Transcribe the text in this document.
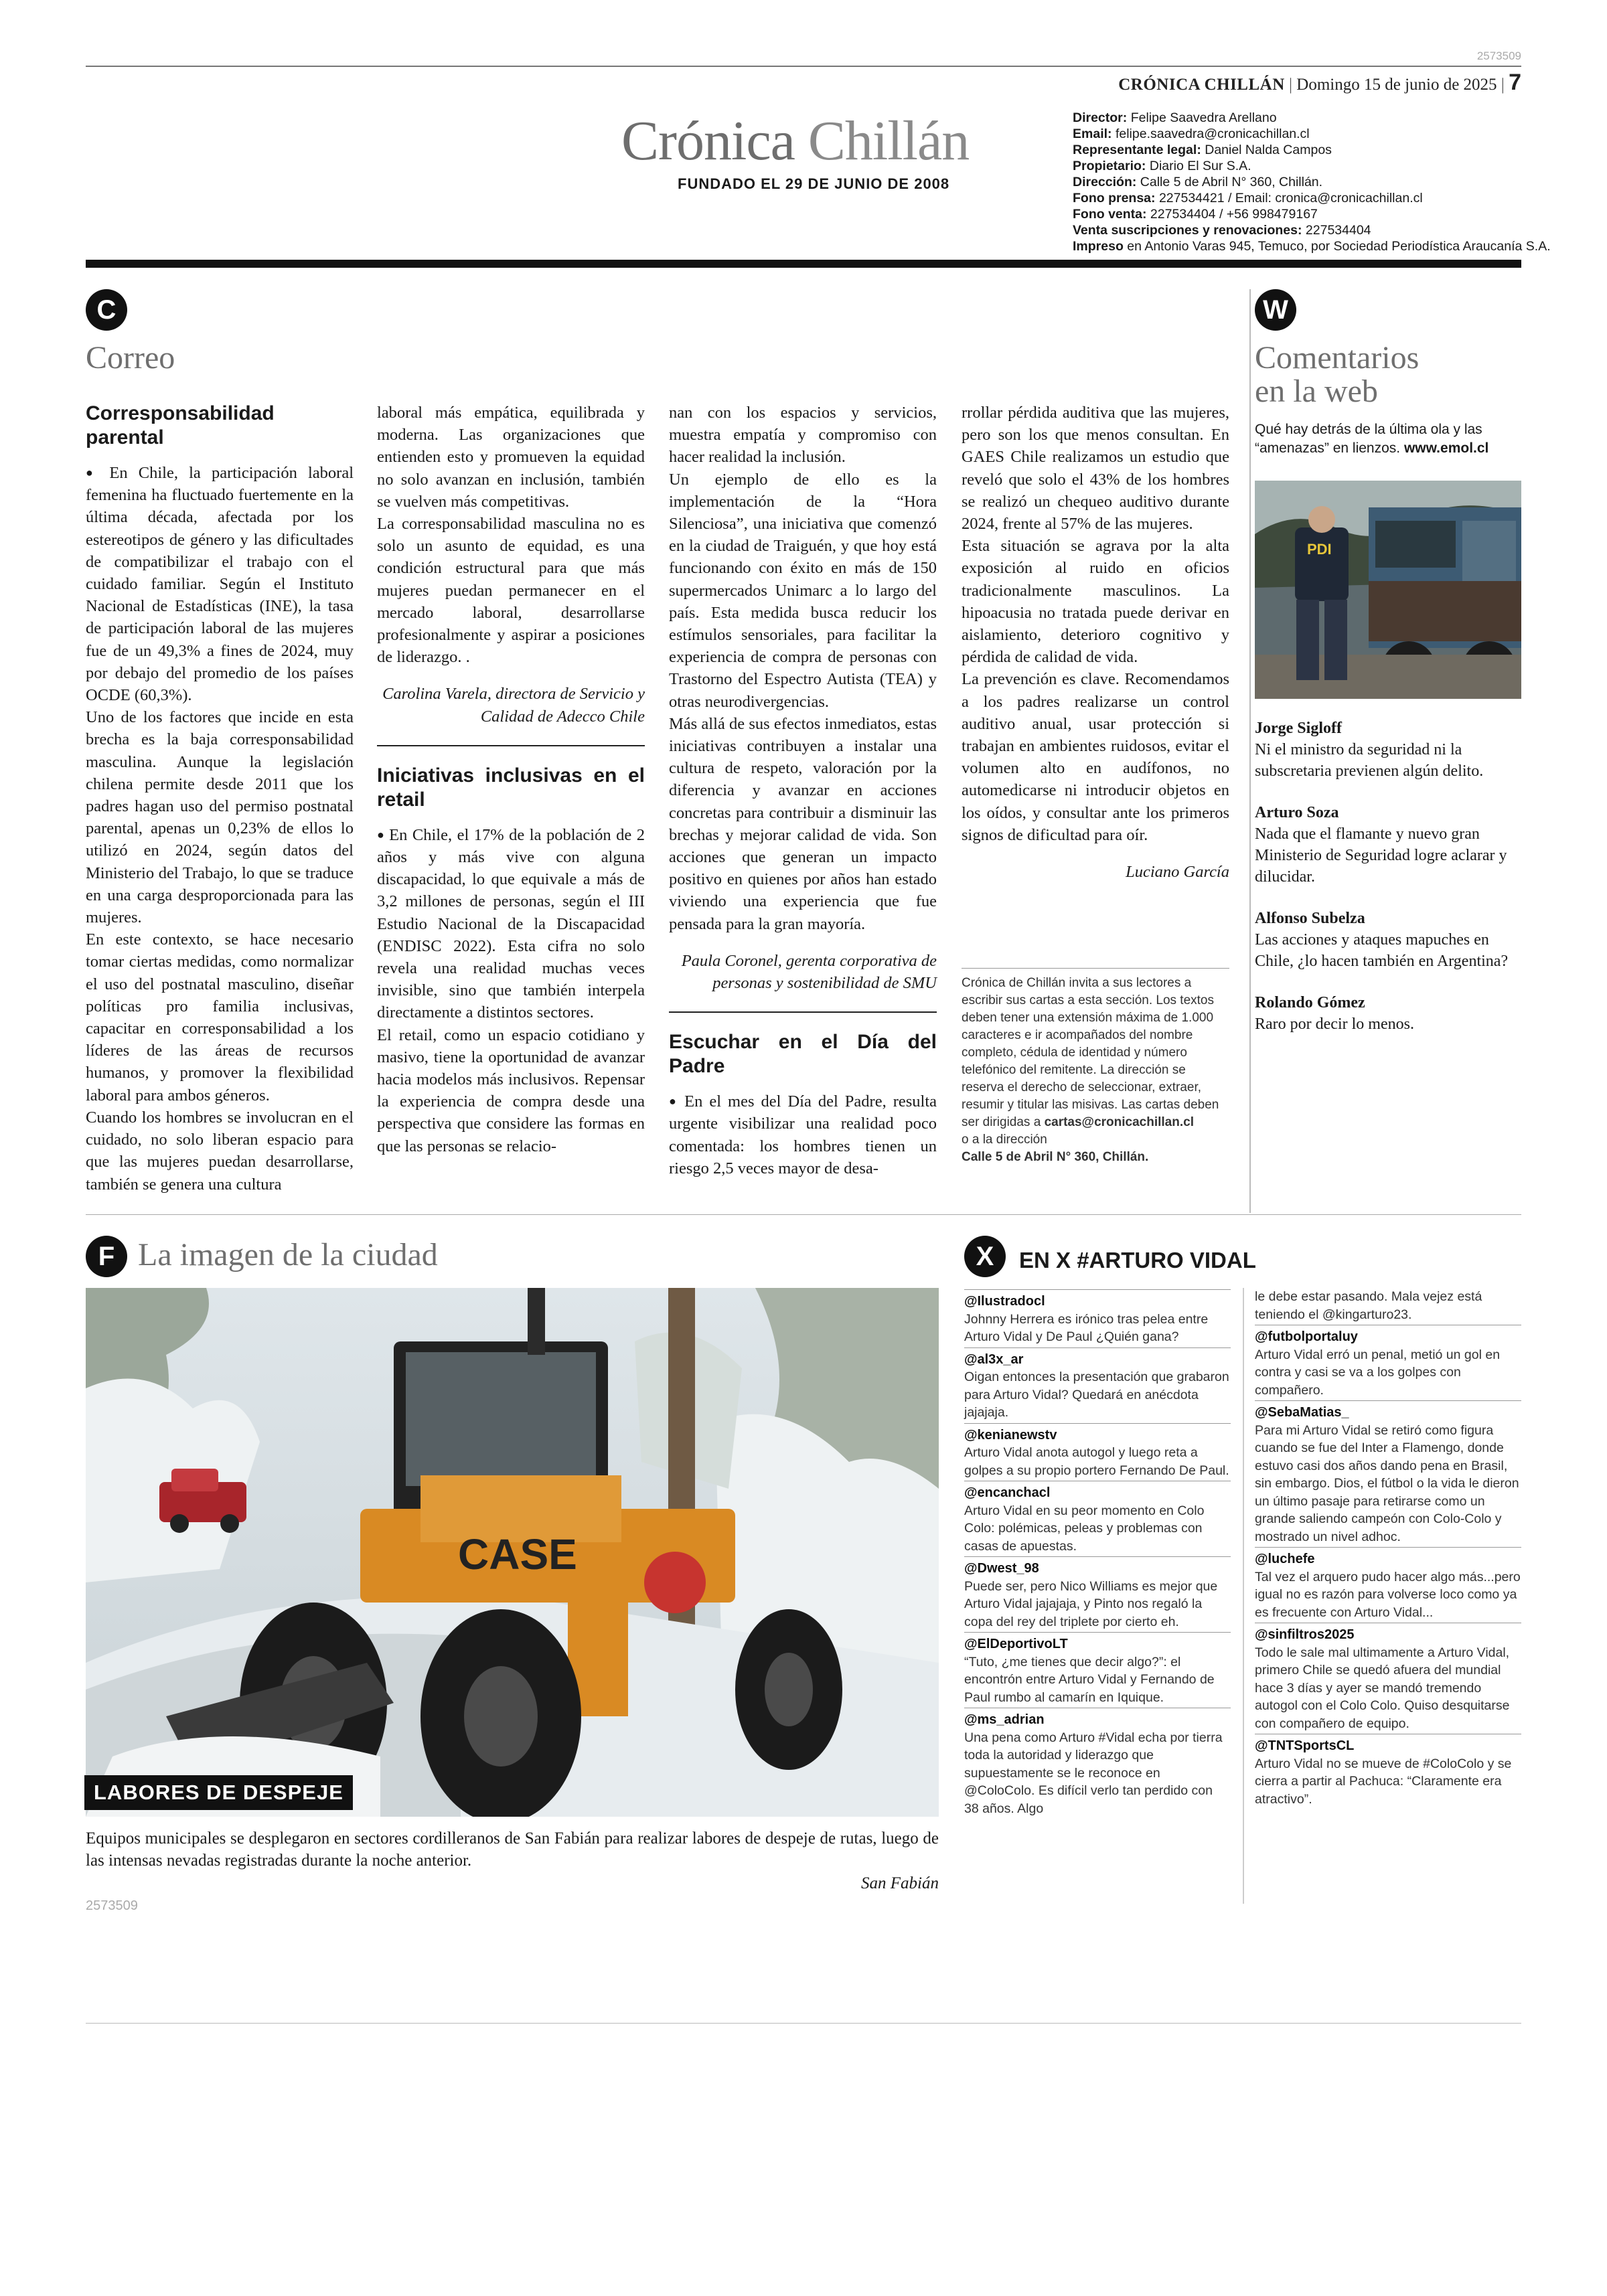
2573509
CRÓNICA CHILLÁN | Domingo 15 de junio de 2025 | 7
Crónica Chillán
FUNDADO EL 29 DE JUNIO DE 2008
Director: Felipe Saavedra Arellano
Email: felipe.saavedra@cronicachillan.cl
Representante legal: Daniel Nalda Campos
Propietario: Diario El Sur S.A.
Dirección: Calle 5 de Abril N° 360, Chillán.
Fono prensa: 227534421 / Email: cronica@cronicachillan.cl
Fono venta: 227534404 / +56 998479167
Venta suscripciones y renovaciones: 227534404
Impreso en Antonio Varas 945, Temuco, por Sociedad Periodística Araucanía S.A.
C
Correo
Corresponsabilidad parental

● En Chile, la participación laboral femenina ha fluctuado fuertemente en la última década, afectada por los estereotipos de género y las dificultades de compatibilizar el trabajo con el cuidado familiar. Según el Instituto Nacional de Estadísticas (INE), la tasa de participación laboral de las mujeres fue de un 49,3% a fines de 2024, muy por debajo del promedio de los países OCDE (60,3%).

Uno de los factores que incide en esta brecha es la baja corresponsabilidad masculina. Aunque la legislación chilena permite desde 2011 que los padres hagan uso del permiso postnatal parental, apenas un 0,23% de ellos lo utilizó en 2024, según datos del Ministerio del Trabajo, lo que se traduce en una carga desproporcionada para las mujeres.

En este contexto, se hace necesario tomar ciertas medidas, como normalizar el uso del postnatal masculino, diseñar políticas pro familia inclusivas, capacitar en corresponsabilidad a los líderes de las áreas de recursos humanos, y promover la flexibilidad laboral para ambos géneros.

Cuando los hombres se involucran en el cuidado, no solo liberan espacio para que las mujeres puedan desarrollarse, también se genera una cultura

laboral más empática, equilibrada y moderna. Las organizaciones que entienden esto y promueven la equidad no solo avanzan en inclusión, también se vuelven más competitivas.

La corresponsabilidad masculina no es solo un asunto de equidad, es una condición estructural para que más mujeres puedan permanecer en el mercado laboral, desarrollarse profesionalmente y aspirar a posiciones de liderazgo. .

Carolina Varela, directora de Servicio y Calidad de Adecco Chile

Iniciativas inclusivas en el retail

● En Chile, el 17% de la población de 2 años y más vive con alguna discapacidad, lo que equivale a más de 3,2 millones de personas, según el III Estudio Nacional de la Discapacidad (ENDISC 2022). Esta cifra no solo revela una realidad muchas veces invisible, sino que también interpela directamente a distintos sectores.

El retail, como un espacio cotidiano y masivo, tiene la oportunidad de avanzar hacia modelos más inclusivos. Repensar la experiencia de compra desde una perspectiva que considere las formas en que las personas se relacio-

nan con los espacios y servicios, muestra empatía y compromiso con hacer realidad la inclusión.

Un ejemplo de ello es la implementación de la “Hora Silenciosa”, una iniciativa que comenzó en la ciudad de Traiguén, y que hoy está funcionando con éxito en más de 150 supermercados Unimarc a lo largo del país. Esta medida busca reducir los estímulos sensoriales, para facilitar la experiencia de compra de personas con Trastorno del Espectro Autista (TEA) y otras neurodivergencias.

Más allá de sus efectos inmediatos, estas iniciativas contribuyen a instalar una cultura de respeto, valoración por la diferencia y avanzar en acciones concretas para contribuir a disminuir las brechas y mejorar calidad de vida. Son acciones que generan un impacto positivo en quienes por años han estado viviendo una experiencia que fue pensada para la gran mayoría.

Paula Coronel, gerenta corporativa de personas y sostenibilidad de SMU

Escuchar en el Día del Padre

● En el mes del Día del Padre, resulta urgente visibilizar una realidad poco comentada: los hombres tienen un riesgo 2,5 veces mayor de desa-

rrollar pérdida auditiva que las mujeres, pero son los que menos consultan. En GAES Chile realizamos un estudio que reveló que solo el 43% de los hombres se realizó un chequeo auditivo durante 2024, frente al 57% de las mujeres.

Esta situación se agrava por la alta exposición al ruido en oficios tradicionalmente masculinos. La hipoacusia no tratada puede derivar en aislamiento, deterioro cognitivo y pérdida de calidad de vida.

La prevención es clave. Recomendamos a los padres realizarse un control auditivo anual, usar protección si trabajan en ambientes ruidosos, evitar el volumen alto en audífonos, no automedicarse ni introducir objetos en los oídos, y consultar ante los primeros signos de dificultad para oír.

Luciano García

Crónica de Chillán invita a sus lectores a escribir sus cartas a esta sección. Los textos deben tener una extensión máxima de 1.000 caracteres e ir acompañados del nombre completo, cédula de identidad y número telefónico del remitente. La dirección se reserva el derecho de seleccionar, extraer, resumir y titular las misivas. Las cartas deben ser dirigidas a cartas@cronicachillan.cl
o a la dirección
Calle 5 de Abril N° 360, Chillán.
W
Comentarios
en la web
Qué hay detrás de la última ola y las “amenazas” en lienzos. www.emol.cl
PDI
Jorge Sigloff
Ni el ministro da seguridad ni la subscretaria previenen algún delito.
Arturo Soza
Nada que el flamante y nuevo gran Ministerio de Seguridad logre aclarar y dilucidar.
Alfonso Subelza
Las acciones y ataques mapuches en Chile, ¿lo hacen también en Argentina?
Rolando Gómez
Raro por decir lo menos.
F La imagen de la ciudad
CASE
LABORES DE DESPEJE
Equipos municipales se desplegaron en sectores cordilleranos de San Fabián para realizar labores de despeje de rutas, luego de las intensas nevadas registradas durante la noche anterior.
San Fabián
2573509
X	EN X #ARTURO VIDAL
@Ilustradocl

Johnny Herrera es irónico tras pelea entre Arturo Vidal y De Paul ¿Quién gana?

@al3x_ar

Oigan entonces la presentación que grabaron para Arturo Vidal? Quedará en anécdota jajajaja.

@kenianewstv

Arturo Vidal anota autogol y luego reta a golpes a su propio portero Fernando De Paul.

@encanchacl

Arturo Vidal en su peor momento en Colo Colo: polémicas, peleas y problemas con casas de apuestas.

@Dwest_98

Puede ser, pero Nico Williams es mejor que Arturo Vidal jajajaja, y Pinto nos regaló la copa del rey del triplete por cierto eh.

@ElDeportivoLT

“Tuto, ¿me tienes que decir algo?”: el encontrón entre Arturo Vidal y Fernando de Paul rumbo al camarín en Iquique.

@ms_adrian

Una pena como Arturo #Vidal echa por tierra toda la autoridad y liderazgo que supuestamente se le reconoce en @ColoColo. Es difícil verlo tan perdido con 38 años. Algo

le debe estar pasando. Mala vejez está teniendo el @kingarturo23.

@futbolportaluy

Arturo Vidal erró un penal, metió un gol en contra y casi se va a los golpes con compañero.

@SebaMatias_

Para mi Arturo Vidal se retiró como figura cuando se fue del Inter a Flamengo, donde estuvo casi dos años dando pena en Brasil, sin embargo. Dios, el fútbol o la vida le dieron un último pasaje para retirarse como un grande saliendo campeón con Colo-Colo y mostrado un nivel adhoc.

@luchefe

Tal vez el arquero pudo hacer algo más...pero igual no es razón para volverse loco como ya es frecuente con Arturo Vidal...

@sinfiltros2025

Todo le sale mal ultimamente a Arturo Vidal, primero Chile se quedó afuera del mundial hace 3 días y ayer se mandó tremendo autogol con el Colo Colo. Quiso desquitarse con compañero de equipo.

@TNTSportsCL

Arturo Vidal no se mueve de #ColoColo y se cierra a partir al Pachuca: “Claramente era atractivo”.
